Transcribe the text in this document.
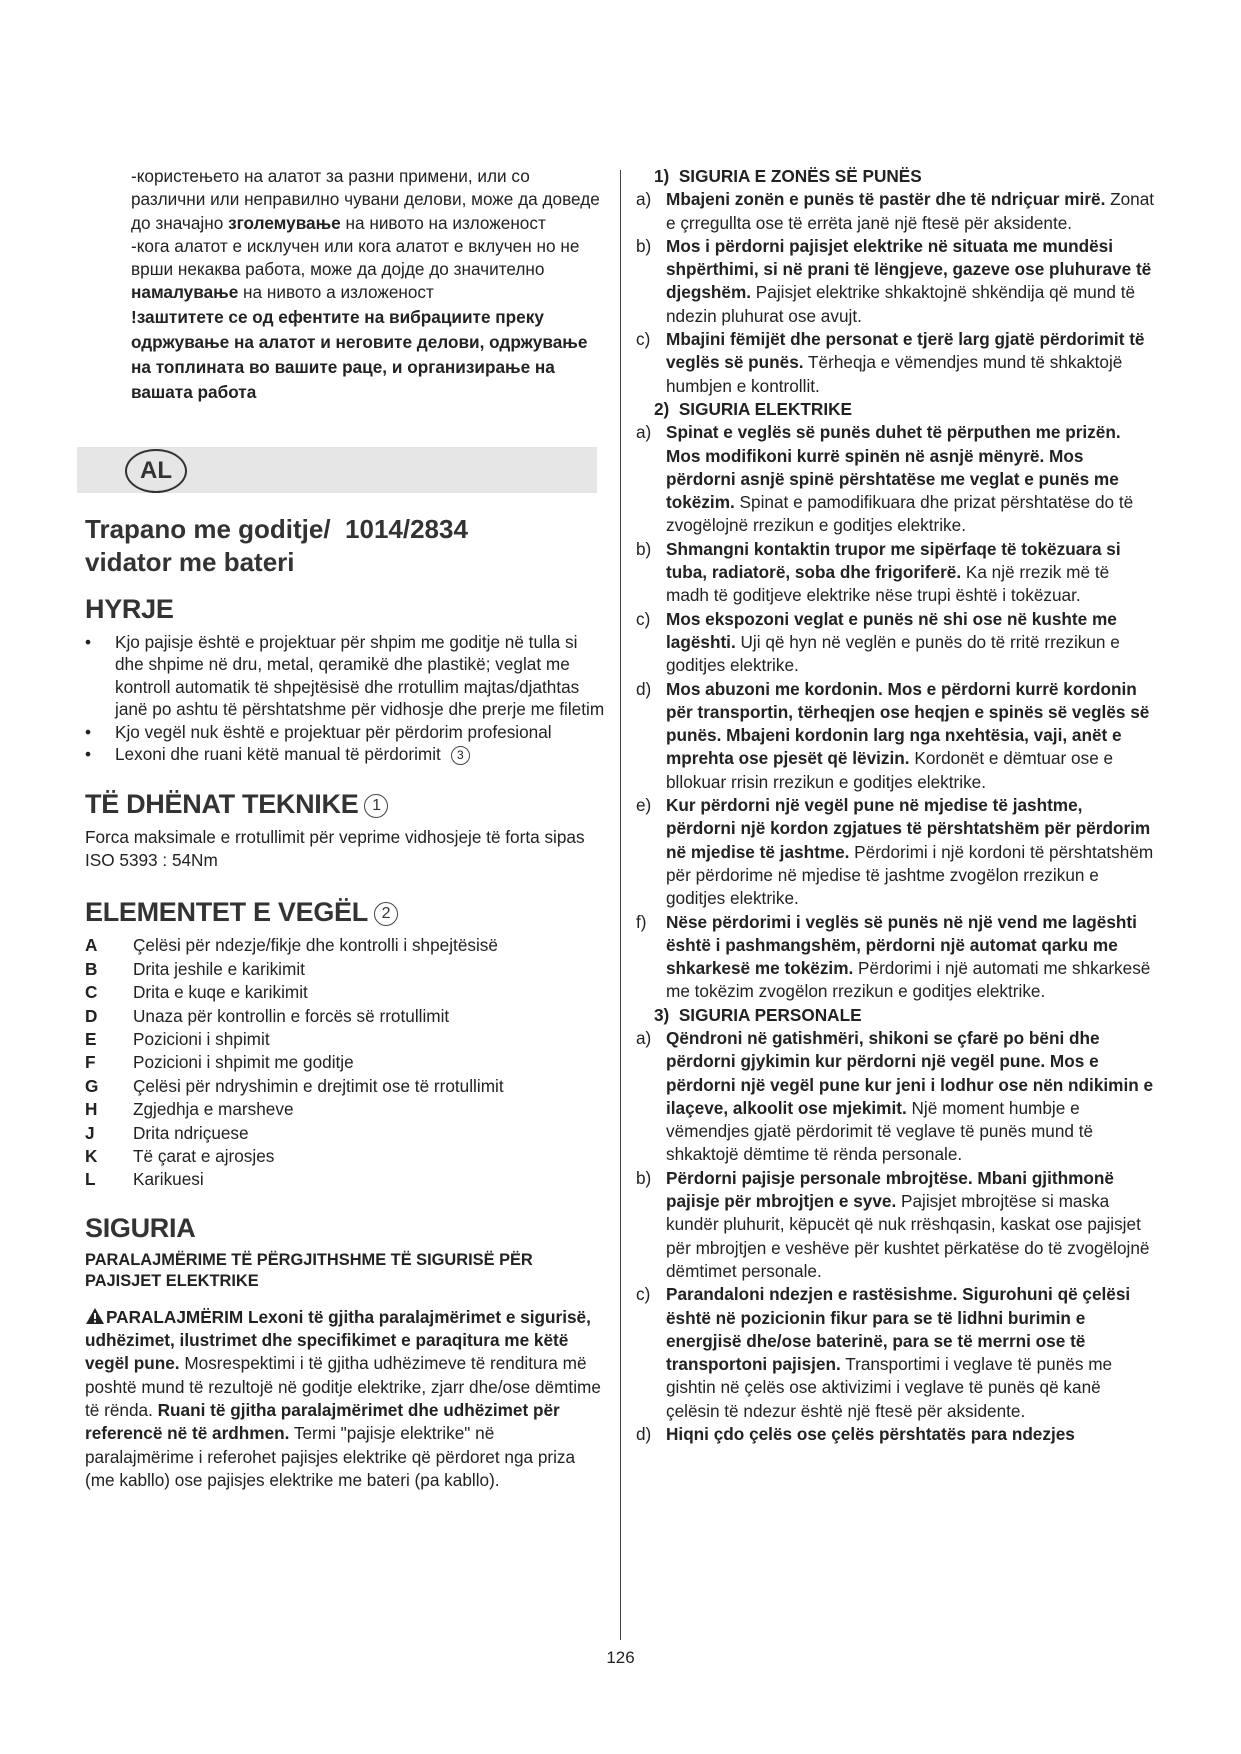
-користењето на алатот за разни примени, или со различни или неправилно чувани делови, може да доведе до значајно зголемување на нивото на изложеност

-кога алатот е исклучен или кога алатот е вклучен но не врши некаква работа, може да дојде до значително намалување на нивото а изложеност

!заштитете се од ефентите на вибрациите преку одржување на алатот и неговите делови, одржување на топлината во вашите раце, и организирање на вашата работа

AL
Trapano me goditje/  1014/2834
vidator me bateri
HYRJE
• Kjo pajisje është e projektuar për shpim me goditje në tulla si dhe shpime në dru, metal, qeramikë dhe plastikë; veglat me kontroll automatik të shpejtësisë dhe rrotullim majtas/djathtas janë po ashtu të përshtatshme për vidhosje dhe prerje me filetim
• Kjo vegël nuk është e projektuar për përdorim profesional
• Lexoni dhe ruani këtë manual të përdorimit 3
TË DHËNAT TEKNIKE 1

Forca maksimale e rrotullimit për veprime vidhosjeje të forta sipas ISO 5393 : 54Nm

ELEMENTET E VEGËL 2
A	Çelësi për ndezje/fikje dhe kontrolli i shpejtësisë
B	Drita jeshile e karikimit
C	Drita e kuqe e karikimit
D	Unaza për kontrollin e forcës së rrotullimit
E	Pozicioni i shpimit
F	Pozicioni i shpimit me goditje
G	Çelësi për ndryshimin e drejtimit ose të rrotullimit
H	Zgjedhja e marsheve
J	Drita ndriçuese
K	Të çarat e ajrosjes
L	Karikuesi
SIGURIA

PARALAJMËRIME TË PËRGJITHSHME TË SIGURISË PËR PAJISJET ELEKTRIKE

PARALAJMËRIM Lexoni të gjitha paralajmërimet e sigurisë, udhëzimet, ilustrimet dhe specifikimet e paraqitura me këtë vegël pune. Mosrespektimi i të gjitha udhëzimeve të renditura më poshtë mund të rezultojë në goditje elektrike, zjarr dhe/ose dëmtime të rënda. Ruani të gjitha paralajmërimet dhe udhëzimet për referencë në të ardhmen. Termi "pajisje elektrike" në paralajmërime i referohet pajisjes elektrike që përdoret nga priza (me kabllo) ose pajisjes elektrike me bateri (pa kabllo).

1)  SIGURIA E ZONËS SË PUNËS

a) Mbajeni zonën e punës të pastër dhe të ndriçuar mirë. Zonat e çrregullta ose të errëta janë një ftesë për aksidente.
b) Mos i përdorni pajisjet elektrike në situata me mundësi shpërthimi, si në prani të lëngjeve, gazeve ose pluhurave të djegshëm. Pajisjet elektrike shkaktojnë shkëndija që mund të ndezin pluhurat ose avujt.
c) Mbajini fëmijët dhe personat e tjerë larg gjatë përdorimit të veglës së punës. Tërheqja e vëmendjes mund të shkaktojë humbjen e kontrollit.

2)  SIGURIA ELEKTRIKE

a) Spinat e veglës së punës duhet të përputhen me prizën. Mos modifikoni kurrë spinën në asnjë mënyrë. Mos përdorni asnjë spinë përshtatëse me veglat e punës me tokëzim. Spinat e pamodifikuara dhe prizat përshtatëse do të zvogëlojnë rrezikun e goditjes elektrike.
b) Shmangni kontaktin trupor me sipërfaqe të tokëzuara si tuba, radiatorë, soba dhe frigoriferë. Ka një rrezik më të madh të goditjeve elektrike nëse trupi është i tokëzuar.
c) Mos ekspozoni veglat e punës në shi ose në kushte me lagështi. Uji që hyn në veglën e punës do të rritë rrezikun e goditjes elektrike.
d) Mos abuzoni me kordonin. Mos e përdorni kurrë kordonin për transportin, tërheqjen ose heqjen e spinës së veglës së punës. Mbajeni kordonin larg nga nxehtësia, vaji, anët e mprehta ose pjesët që lëvizin. Kordonët e dëmtuar ose e bllokuar rrisin rrezikun e goditjes elektrike.
e) Kur përdorni një vegël pune në mjedise të jashtme, përdorni një kordon zgjatues të përshtatshëm për përdorim në mjedise të jashtme. Përdorimi i një kordoni të përshtatshëm për përdorime në mjedise të jashtme zvogëlon rrezikun e goditjes elektrike.
f) Nëse përdorimi i veglës së punës në një vend me lagështi është i pashmangshëm, përdorni një automat qarku me shkarkesë me tokëzim. Përdorimi i një automati me shkarkesë me tokëzim zvogëlon rrezikun e goditjes elektrike.

3)  SIGURIA PERSONALE

a) Qëndroni në gatishmëri, shikoni se çfarë po bëni dhe përdorni gjykimin kur përdorni një vegël pune. Mos e përdorni një vegël pune kur jeni i lodhur ose nën ndikimin e ilaçeve, alkoolit ose mjekimit. Një moment humbje e vëmendjes gjatë përdorimit të veglave të punës mund të shkaktojë dëmtime të rënda personale.
b) Përdorni pajisje personale mbrojtëse. Mbani gjithmonë pajisje për mbrojtjen e syve. Pajisjet mbrojtëse si maska kundër pluhurit, këpucët që nuk rrëshqasin, kaskat ose pajisjet për mbrojtjen e veshëve për kushtet përkatëse do të zvogëlojnë dëmtimet personale.
c) Parandaloni ndezjen e rastësishme. Sigurohuni që çelësi është në pozicionin fikur para se të lidhni burimin e energjisë dhe/ose baterinë, para se të merrni ose të transportoni pajisjen. Transportimi i veglave të punës me gishtin në çelës ose aktivizimi i veglave të punës që kanë çelësin të ndezur është një ftesë për aksidente.
d) Hiqni çdo çelës ose çelës përshtatës para ndezjes
126
